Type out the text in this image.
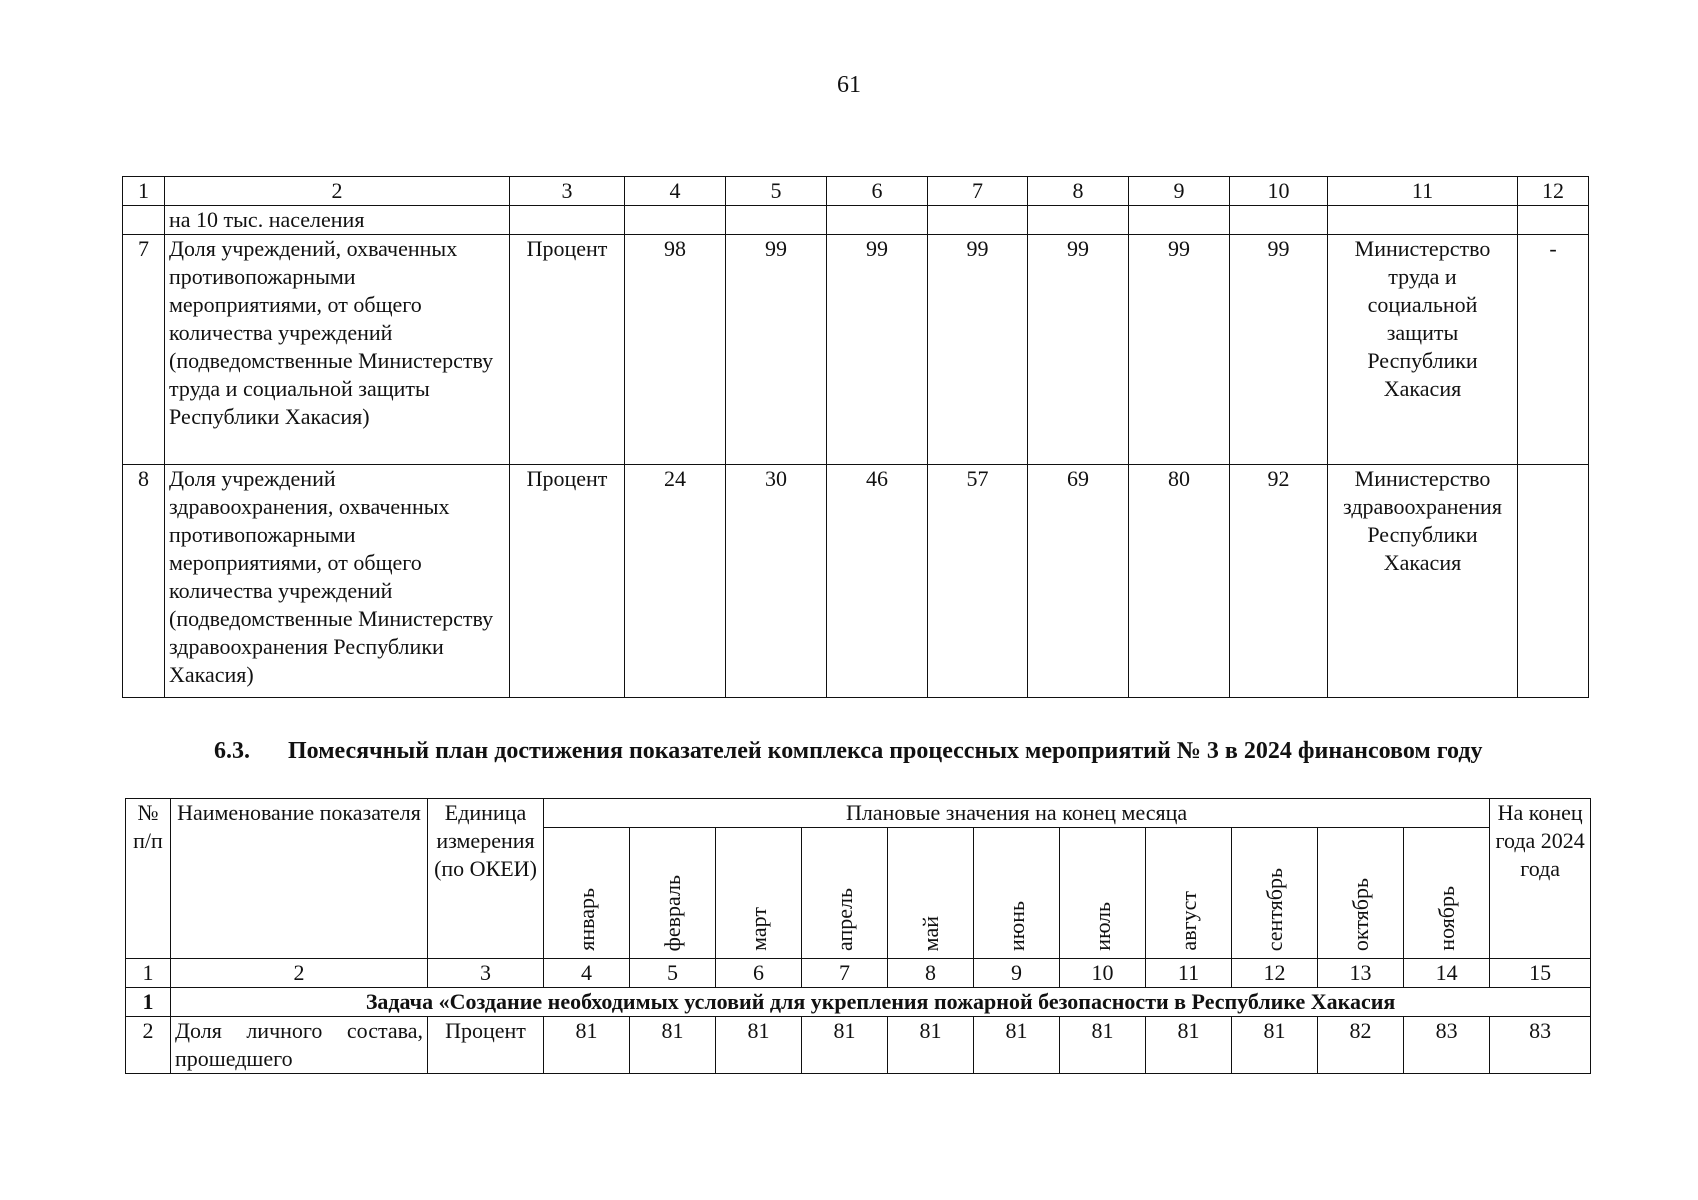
61
1	2	3	4	5	6	7	8	9	10	11	12
	на 10 тыс. населения										
7	Доля учреждений, охваченных противопожарными мероприятиями, от общего количества учреждений (подведомственные Министерству труда и социальной защиты Республики Хакасия)	Процент	98	99	99	99	99	99	99	Министерство труда и социальной защиты Республики Хакасия	-
8	Доля учреждений здравоохранения, охваченных противопожарными мероприятиями, от общего количества учреждений (подведомственные Министерству здравоохранения Республики Хакасия)	Процент	24	30	46	57	69	80	92	Министерство здравоохранения Республики Хакасия	
6.3. Помесячный план достижения показателей комплекса процессных мероприятий № 3 в 2024 финансовом году
№ п/п	Наименование показателя	Единица измерения (по ОКЕИ)	Плановые значения на конец месяца											На конец года 2024 года
			январь	февраль	март	апрель	май	июнь	июль	август	сентябрь	октябрь	ноябрь	
1	2	3	4	5	6	7	8	9	10	11	12	13	14	15
1	Задача «Создание необходимых условий для укрепления пожарной безопасности в Республике Хакасия													
2	Доля личного состава, прошедшего	Процент	81	81	81	81	81	81	81	81	81	82	83	83
